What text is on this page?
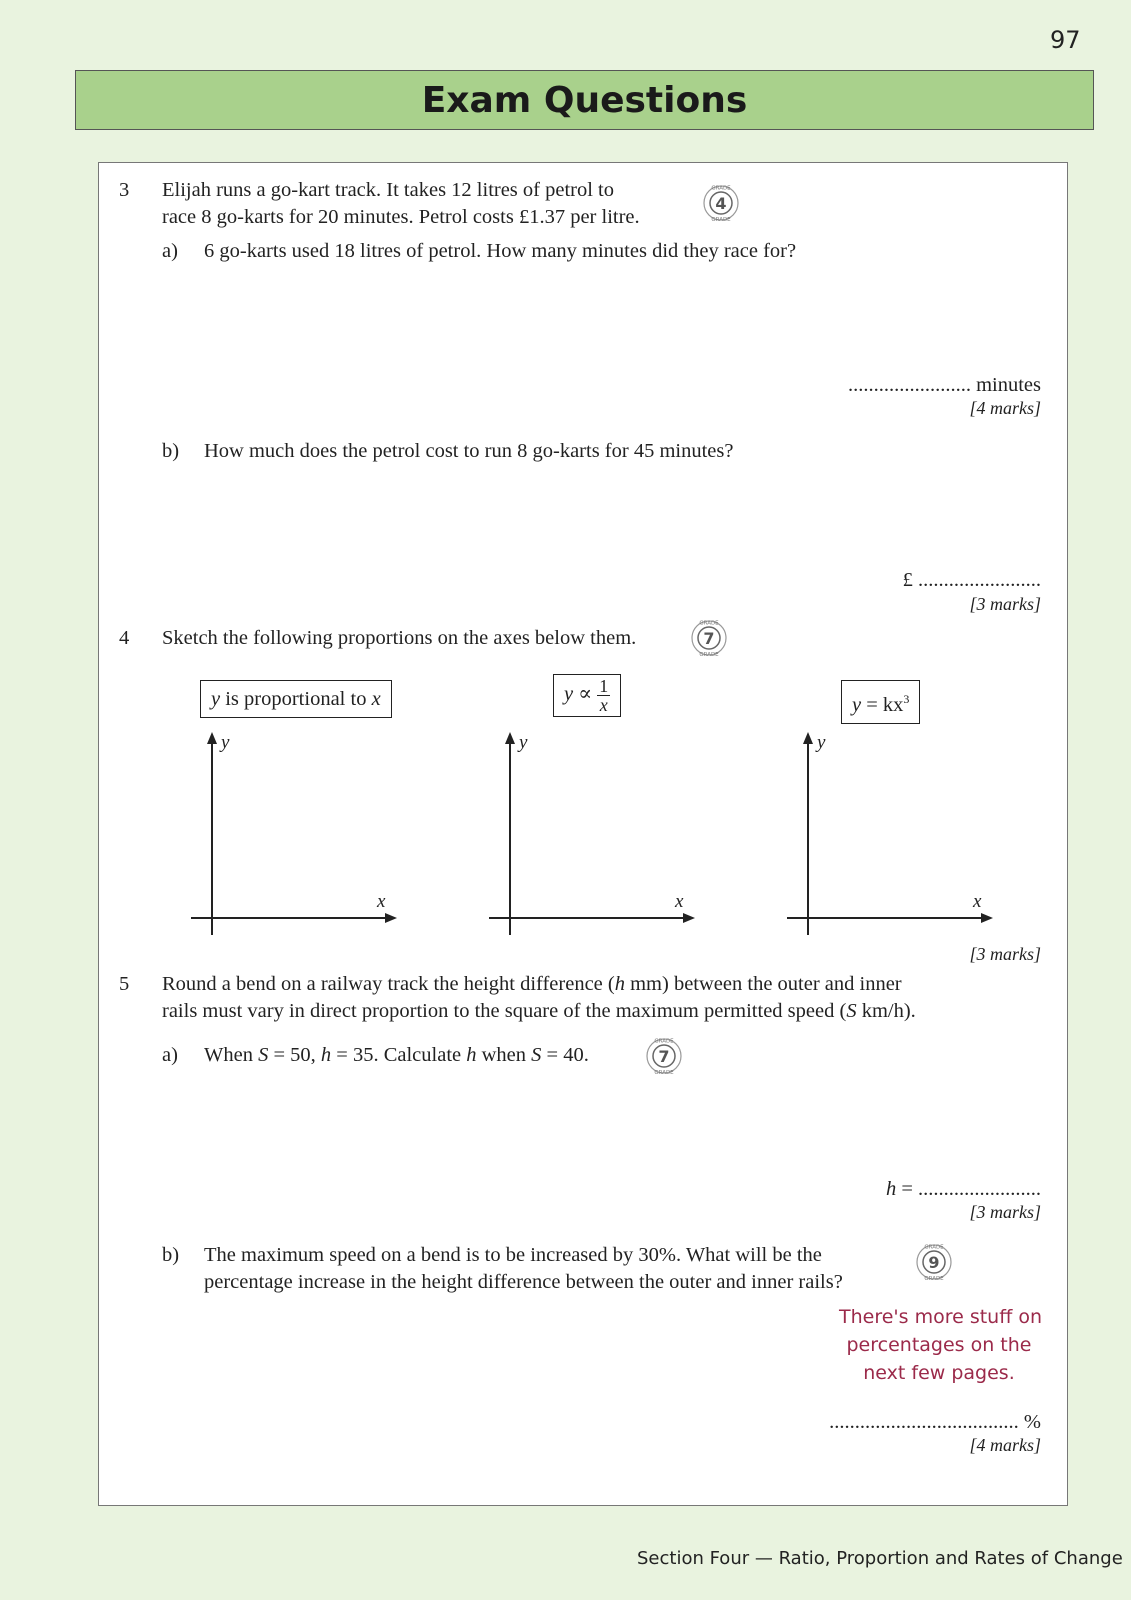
97
Exam Questions
3 Elijah runs a go-kart track. It takes 12 litres of petrol to
race 8 go-karts for 20 minutes. Petrol costs £1.37 per litre.
GRADE
GRADE
4
a) 6 go-karts used 18 litres of petrol. How many minutes did they race for?
........................ minutes
[4 marks]
b) How much does the petrol cost to run 8 go-karts for 45 minutes?
£ ........................
[3 marks]
4 Sketch the following proportions on the axes below them.
GRADE
GRADE
7
y is proportional to x	$y \propto \frac{1}{x}$	$y = kx^3$
y
x
y
x
y
x
[3 marks]
5 Round a bend on a railway track the height difference (h mm) between the outer and inner
rails must vary in direct proportion to the square of the maximum permitted speed (S km/h).
a) When S = 50, h = 35. Calculate h when S = 40.
GRADE
GRADE
7
h = ........................
[3 marks]
b) The maximum speed on a bend is to be increased by 30%. What will be the
percentage increase in the height difference between the outer and inner rails?
GRADE
GRADE
9
There's more stuff on
percentages on the
next few pages.
..................................... %
[4 marks]
Section Four — Ratio, Proportion and Rates of Change
